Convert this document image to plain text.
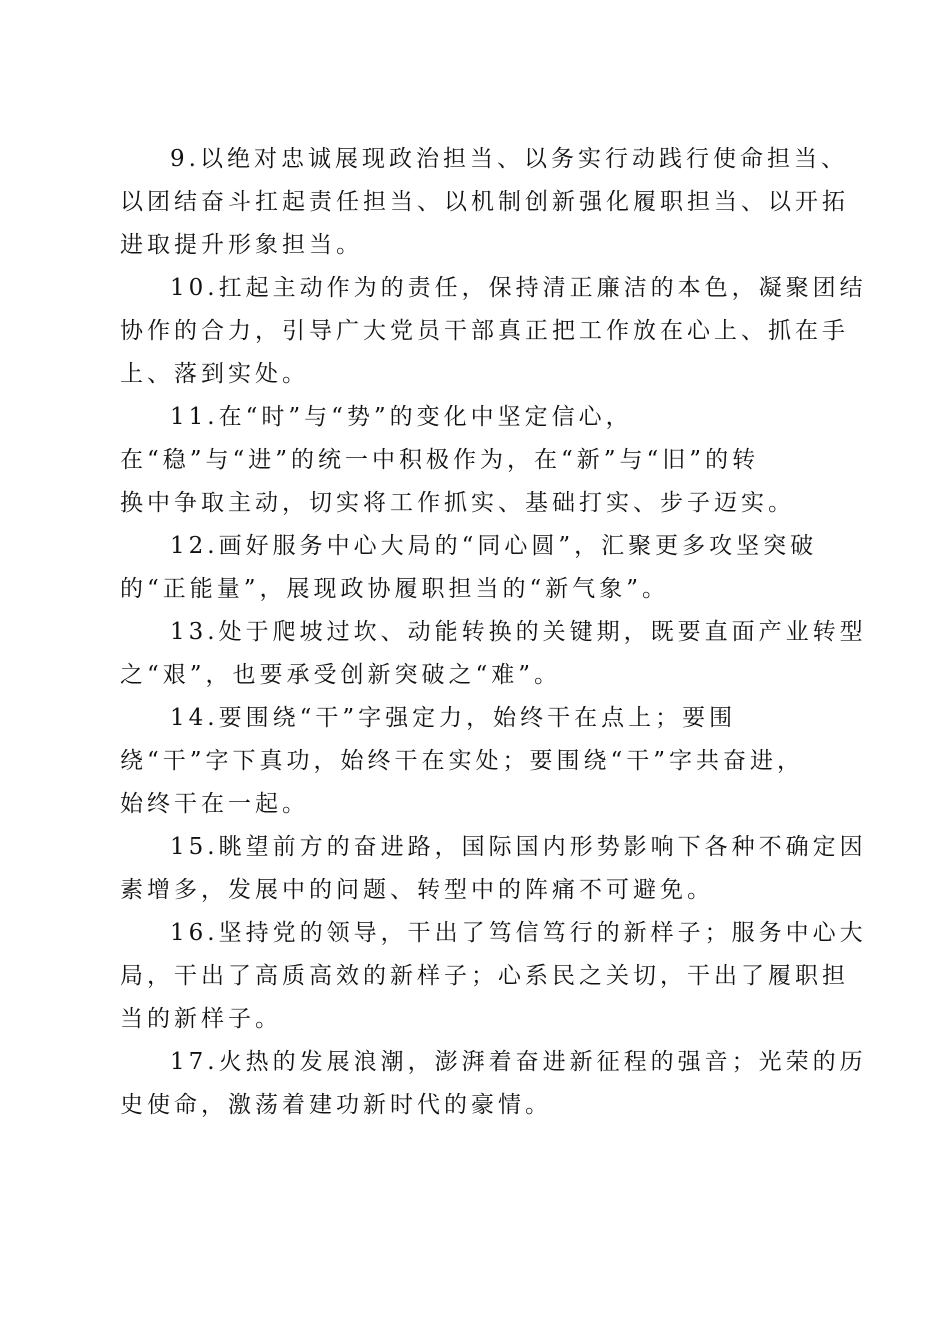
9.以绝对忠诚展现政治担当、以务实行动践行使命担当、
以团结奋斗扛起责任担当、以机制创新强化履职担当、以开拓
进取提升形象担当。
10.扛起主动作为的责任，保持清正廉洁的本色，凝聚团结
协作的合力，引导广大党员干部真正把工作放在心上、抓在手
上、落到实处。
11.在“时”与“势”的变化中坚定信心，
在“稳”与“进”的统一中积极作为，在“新”与“旧”的转
换中争取主动，切实将工作抓实、基础打实、步子迈实。
12.画好服务中心大局的“同心圆”，汇聚更多攻坚突破
的“正能量”，展现政协履职担当的“新气象”。
13.处于爬坡过坎、动能转换的关键期，既要直面产业转型
之“艰”，也要承受创新突破之“难”。
14.要围绕“干”字强定力，始终干在点上；要围
绕“干”字下真功，始终干在实处；要围绕“干”字共奋进，
始终干在一起。
15.眺望前方的奋进路，国际国内形势影响下各种不确定因
素增多，发展中的问题、转型中的阵痛不可避免。
16.坚持党的领导，干出了笃信笃行的新样子；服务中心大
局，干出了高质高效的新样子；心系民之关切，干出了履职担
当的新样子。
17.火热的发展浪潮，澎湃着奋进新征程的强音；光荣的历
史使命，激荡着建功新时代的豪情。
